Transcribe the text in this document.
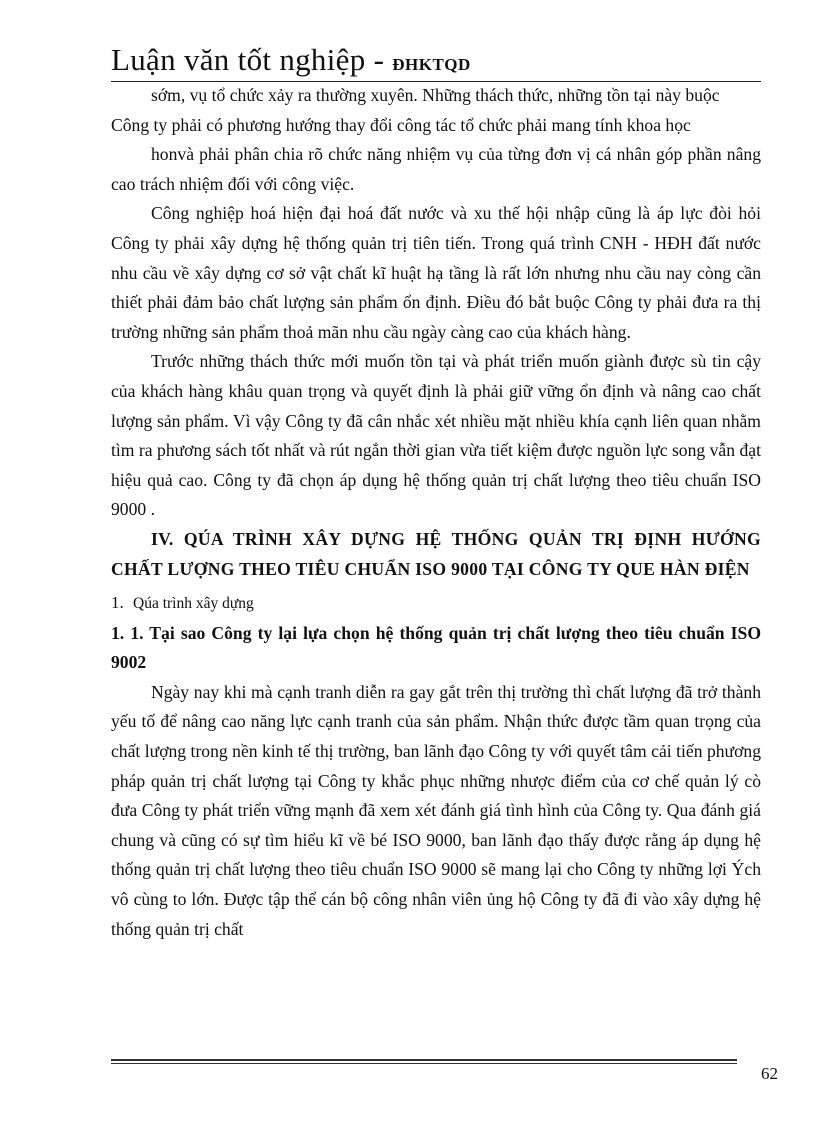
Luận văn tốt nghiệp - ĐHKTQD

sớm, vụ tổ chức xảy ra thường xuyên. Những thách thức, những tồn tại này buộc

Công ty phải có phương hướng thay đổi công tác tổ chức phải mang tính khoa học

honvà phải phân chia rõ chức năng nhiệm vụ của từng đơn vị cá nhân góp phần nâng cao trách nhiệm đối với công việc.

Công nghiệp hoá hiện đại hoá đất nước và xu thế hội nhập cũng là áp lực đòi hỏi Công ty phải xây dựng hệ thống quản trị tiên tiến. Trong quá trình CNH - HĐH đất nước nhu cầu về xây dựng cơ sở vật chất kĩ huật hạ tầng là rất lớn nhưng nhu cầu nay còng cần thiết phải đảm bảo chất lượng sản phẩm ổn định. Điều đó bắt buộc Công ty phải đưa ra thị trường những sản phẩm thoả mãn nhu cầu ngày càng cao của khách hàng.

Trước những thách thức mới muốn tồn tại và phát triển muốn giành được sù tin cậy của khách hàng khâu quan trọng và quyết định là phải giữ vững ổn định và nâng cao chất lượng sản phẩm. Vì vậy Công ty đã cân nhắc xét nhiều mặt nhiều khía cạnh liên quan nhằm tìm ra phương sách tốt nhất và rút ngắn thời gian vừa tiết kiệm được nguồn lực song vẫn đạt hiệu quả cao. Công ty đã chọn áp dụng hệ thống quản trị chất lượng theo tiêu chuẩn ISO 9000 .

IV. QÚA TRÌNH XÂY DỰNG HỆ THỐNG QUẢN TRỊ ĐỊNH HƯỚNG CHẤT LƯỢNG THEO TIÊU CHUẨN ISO 9000 TẠI CÔNG TY QUE HÀN ĐIỆN

1. Qúa trình xây dựng

1. 1. Tại sao Công ty lại lựa chọn hệ thống quản trị chất lượng theo tiêu chuẩn ISO 9002

Ngày nay khi mà cạnh tranh diễn ra gay gắt trên thị trường thì chất lượng đã trở thành yếu tố để nâng cao năng lực cạnh tranh của sản phẩm. Nhận thức được tầm quan trọng của chất lượng trong nền kinh tế thị trường, ban lãnh đạo Công ty với quyết tâm cải tiến phương pháp quản trị chất lượng tại Công ty khắc phục những nhược điểm của cơ chế quản lý cò đưa Công ty phát triển vững mạnh đã xem xét đánh giá tình hình của Công ty. Qua đánh giá chung và cũng có sự tìm hiểu kĩ về bé ISO 9000, ban lãnh đạo thấy được rằng áp dụng hệ thống quản trị chất lượng theo tiêu chuẩn ISO 9000 sẽ mang lại cho Công ty những lợi Ých vô cùng to lớn. Được tập thể cán bộ công nhân viên ủng hộ Công ty đã đi vào xây dựng hệ thống quản trị chất

62
